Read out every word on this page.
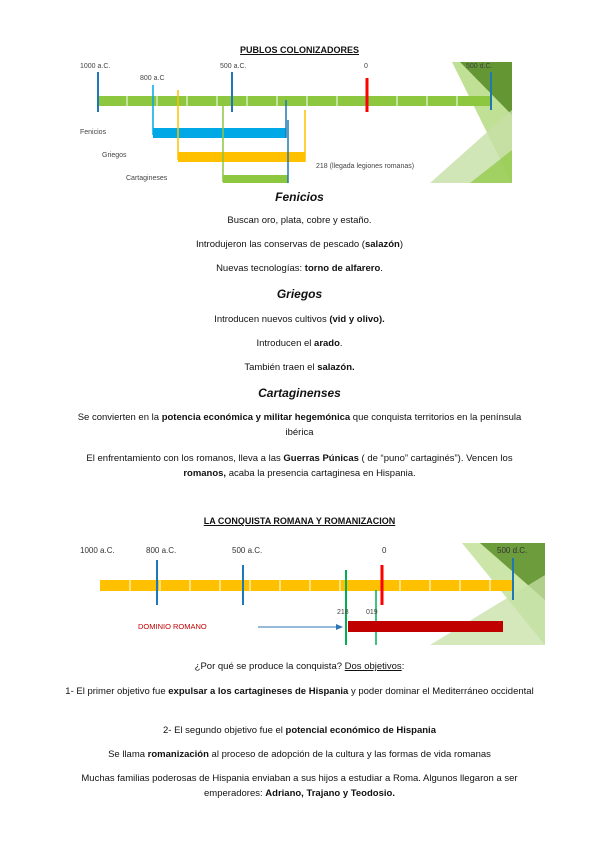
PUBLOS COLONIZADORES
1000 a.C.
800 a.C
500 a.C.	0	500 d.C.
Fenicios
Griegos
Cartagineses
218 (llegada legiones romanas)
Fenicios
Buscan oro, plata, cobre y estaño.
Introdujeron las conservas de pescado (salazón)
Nuevas tecnologías: torno de alfarero.
Griegos
Introducen nuevos cultivos (vid y olivo).
Introducen el arado.
También traen el salazón.
Cartaginenses
Se convierten en la potencia económica y militar hegemónica que conquista territorios en la península ibérica
El enfrentamiento con los romanos, lleva a las Guerras Púnicas ( de “puno” cartaginés”). Vencen los romanos, acaba la presencia cartaginesa en Hispania.
LA CONQUISTA ROMANA Y ROMANIZACION
1000 a.C.	800 a.C.	500 a.C.	0	500 d.C.
218 019
DOMINIO ROMANO
¿Por qué se produce la conquista? Dos objetivos:
1- El primer objetivo fue expulsar a los cartagineses de Hispania y poder dominar el Mediterráneo occidental
2- El segundo objetivo fue el potencial económico de Hispania
Se llama romanización al proceso de adopción de la cultura y las formas de vida romanas
Muchas familias poderosas de Hispania enviaban a sus hijos a estudiar a Roma. Algunos llegaron a ser emperadores: Adriano, Trajano y Teodosio.
